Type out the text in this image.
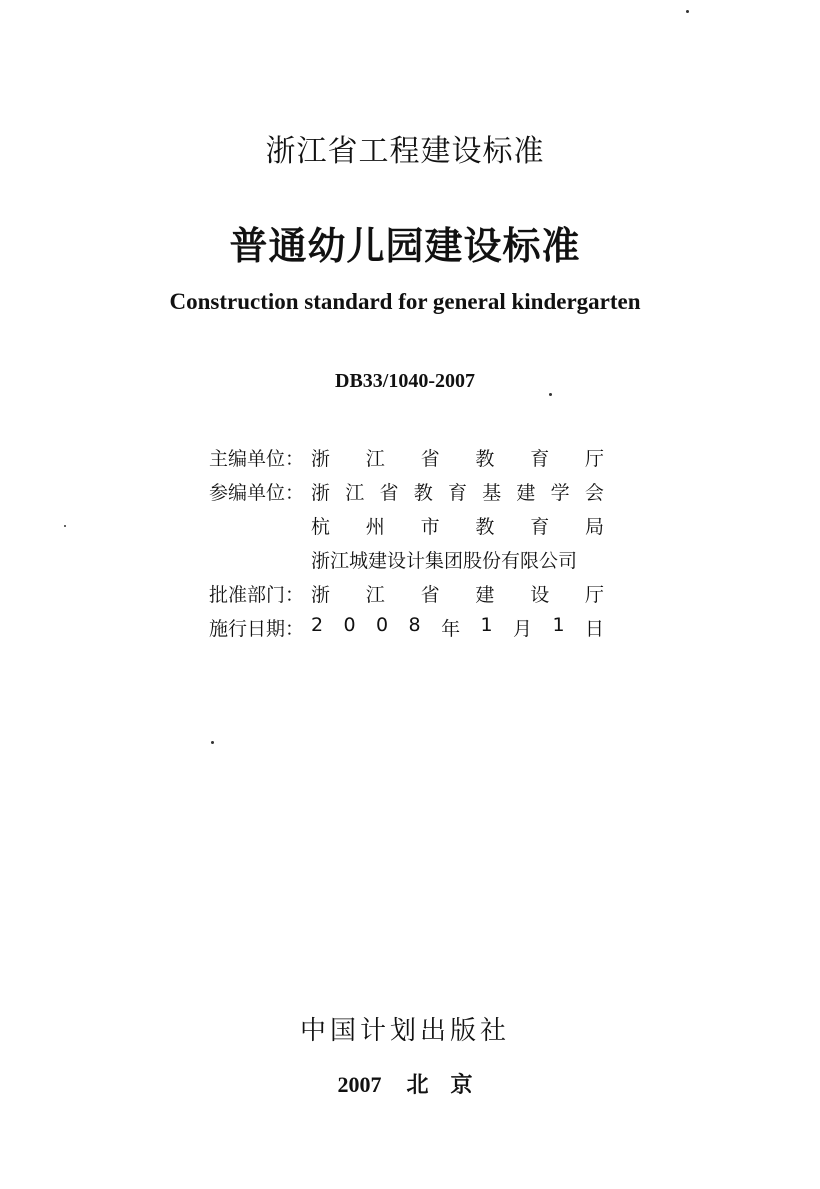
浙江省工程建设标准
普通幼儿园建设标准
Construction standard for general kindergarten
DB33/1040-2007
主编单位： 浙 江 省 教 育 厅
参编单位： 浙 江 省 教 育 基 建 学 会
杭 州 市 教 育 局
浙江城建设计集团股份有限公司
批准部门： 浙 江 省 建 设 厅
施行日期： 2 0 0 8 年 1 月 1 日
中国计划出版社
2007 北　京
